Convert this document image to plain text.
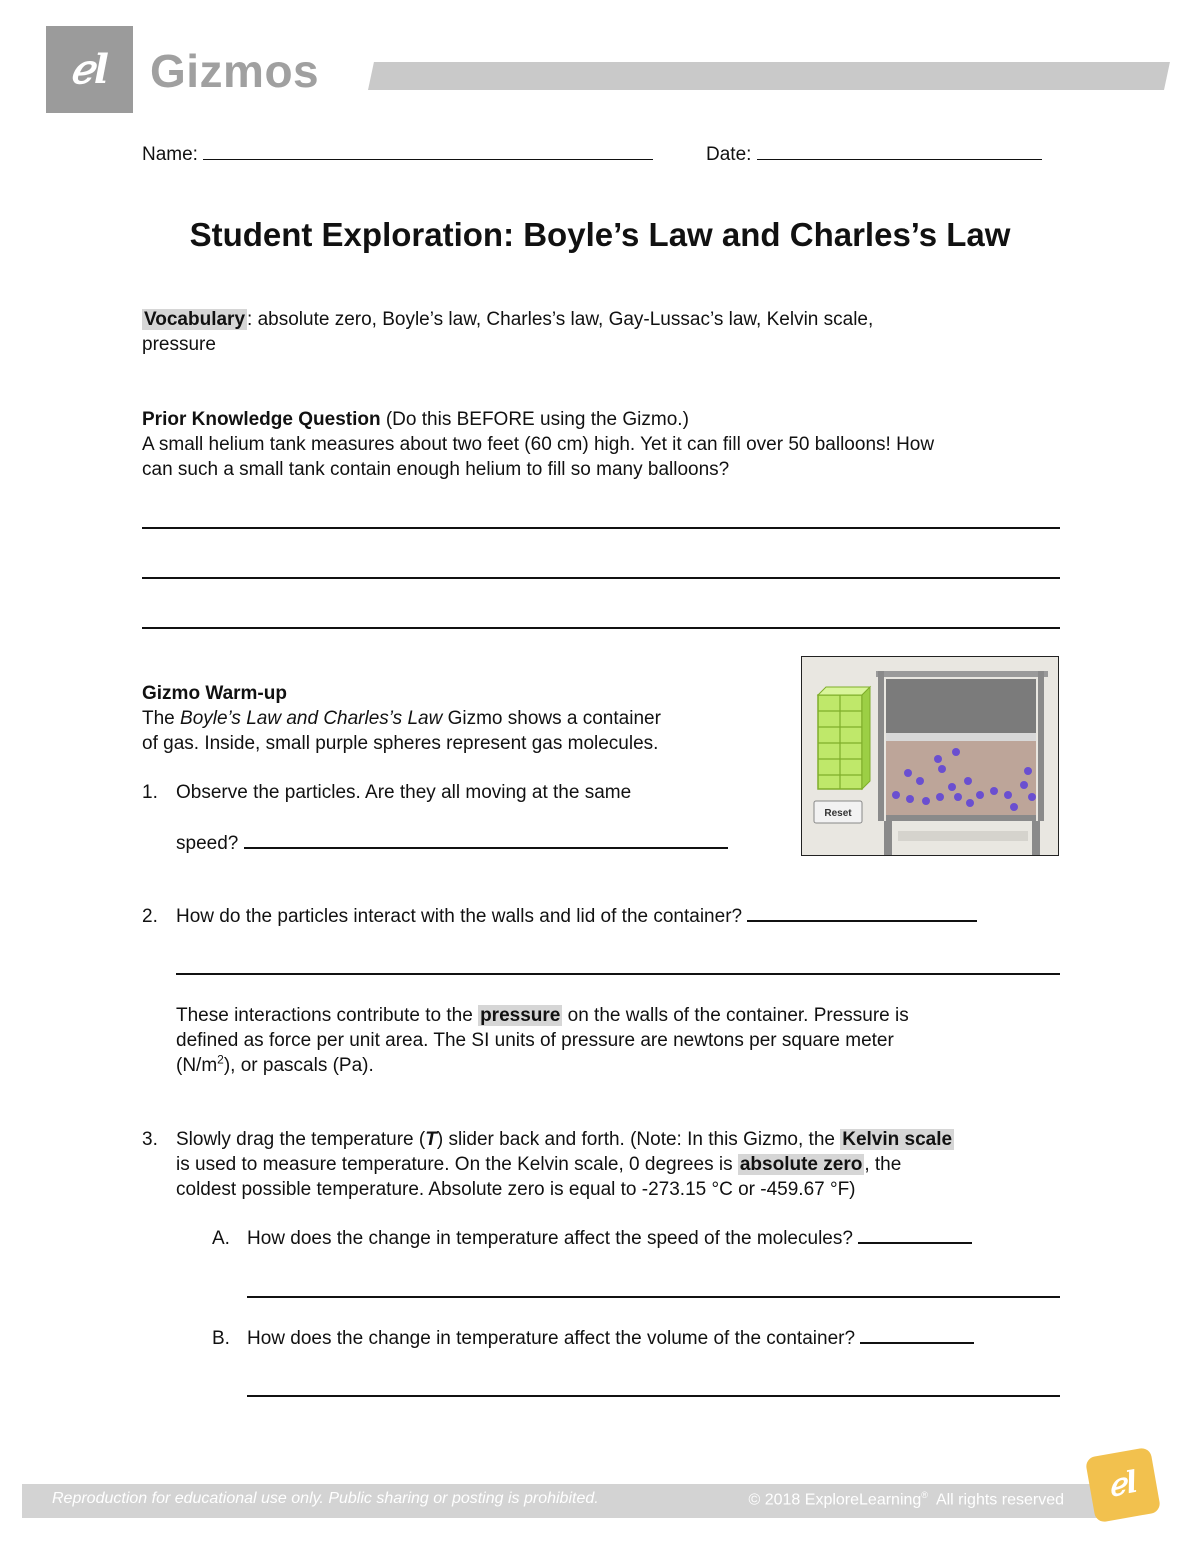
ℯl Gizmos
Name:	Date:
Student Exploration: Boyle’s Law and Charles’s Law
Vocabulary : absolute zero, Boyle’s law, Charles’s law, Gay-Lussac’s law, Kelvin scale,
pressure
Prior Knowledge Question (Do this BEFORE using the Gizmo.)
A small helium tank measures about two feet (60 cm) high. Yet it can fill over 50 balloons! How
can such a small tank contain enough helium to fill so many balloons?
Gizmo Warm-up
The Boyle’s Law and Charles’s Law Gizmo shows a container
of gas. Inside, small purple spheres represent gas molecules.
Reset
1. Observe the particles. Are they all moving at the same
speed?
2. How do the particles interact with the walls and lid of the container?
These interactions contribute to the pressure on the walls of the container. Pressure is
defined as force per unit area. The SI units of pressure are newtons per square meter
$(N/m^2)$, or pascals (Pa).
3. Slowly drag the temperature (T) slider back and forth. (Note: In this Gizmo, the Kelvin scale
is used to measure temperature. On the Kelvin scale, 0 degrees is absolute zero , the
coldest possible temperature. Absolute zero is equal to -273.15 °C or -459.67 °F)
A. How does the change in temperature affect the speed of the molecules?
B. How does the change in temperature affect the volume of the container?
Reproduction for educational use only. Public sharing or posting is prohibited.	© 2018 ExploreLearning®  All rights reserved	ℯl
